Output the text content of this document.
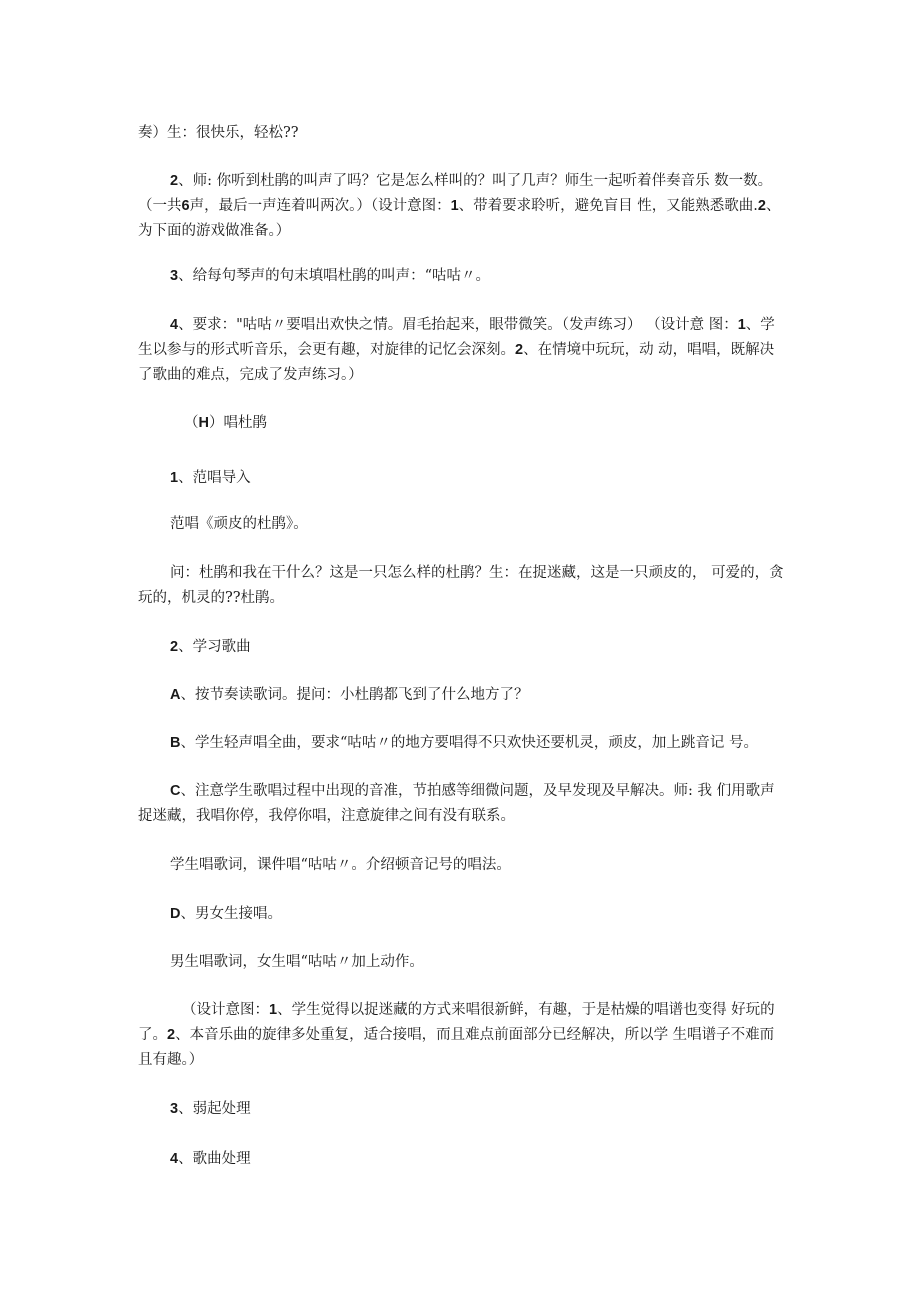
奏）生：很快乐，轻松??

2、师: 你听到杜鹃的叫声了吗？它是怎么样叫的？叫了几声？师生一起听着伴奏音乐 数一数。（一共6声，最后一声连着叫两次。）（设计意图：1、带着要求聆听，避免盲目 性，又能熟悉歌曲.2、为下面的游戏做准备。）

3、给每句琴声的句末填唱杜鹃的叫声：“咕咕〃。

4、要求："咕咕〃要唱出欢快之情。眉毛抬起来，眼带微笑。（发声练习） （设计意 图：1、学生以参与的形式听音乐，会更有趣，对旋律的记忆会深刻。2、在情境中玩玩，动 动，唱唱，既解决了歌曲的难点，完成了发声练习。）

（H）唱杜鹃

1、范唱导入

范唱《顽皮的杜鹃》。

问：杜鹃和我在干什么？这是一只怎么样的杜鹃？生：在捉迷藏，这是一只顽皮的， 可爱的，贪玩的，机灵的??杜鹃。

2、学习歌曲

A、按节奏读歌词。提问：小杜鹃都飞到了什么地方了？

B、学生轻声唱全曲，要求“咕咕〃的地方要唱得不只欢快还要机灵，顽皮，加上跳音记 号。

C、注意学生歌唱过程中出现的音准，节拍感等细微问题，及早发现及早解决。师: 我 们用歌声捉迷藏，我唱你停，我停你唱，注意旋律之间有没有联系。

学生唱歌词，课件唱“咕咕〃。介绍顿音记号的唱法。

D、男女生接唱。

男生唱歌词，女生唱“咕咕〃加上动作。

（设计意图：1、学生觉得以捉迷藏的方式来唱很新鲜，有趣，于是枯燥的唱谱也变得 好玩的了。2、本音乐曲的旋律多处重复，适合接唱，而且难点前面部分已经解决，所以学 生唱谱子不难而且有趣。）

3、弱起处理

4、歌曲处理
